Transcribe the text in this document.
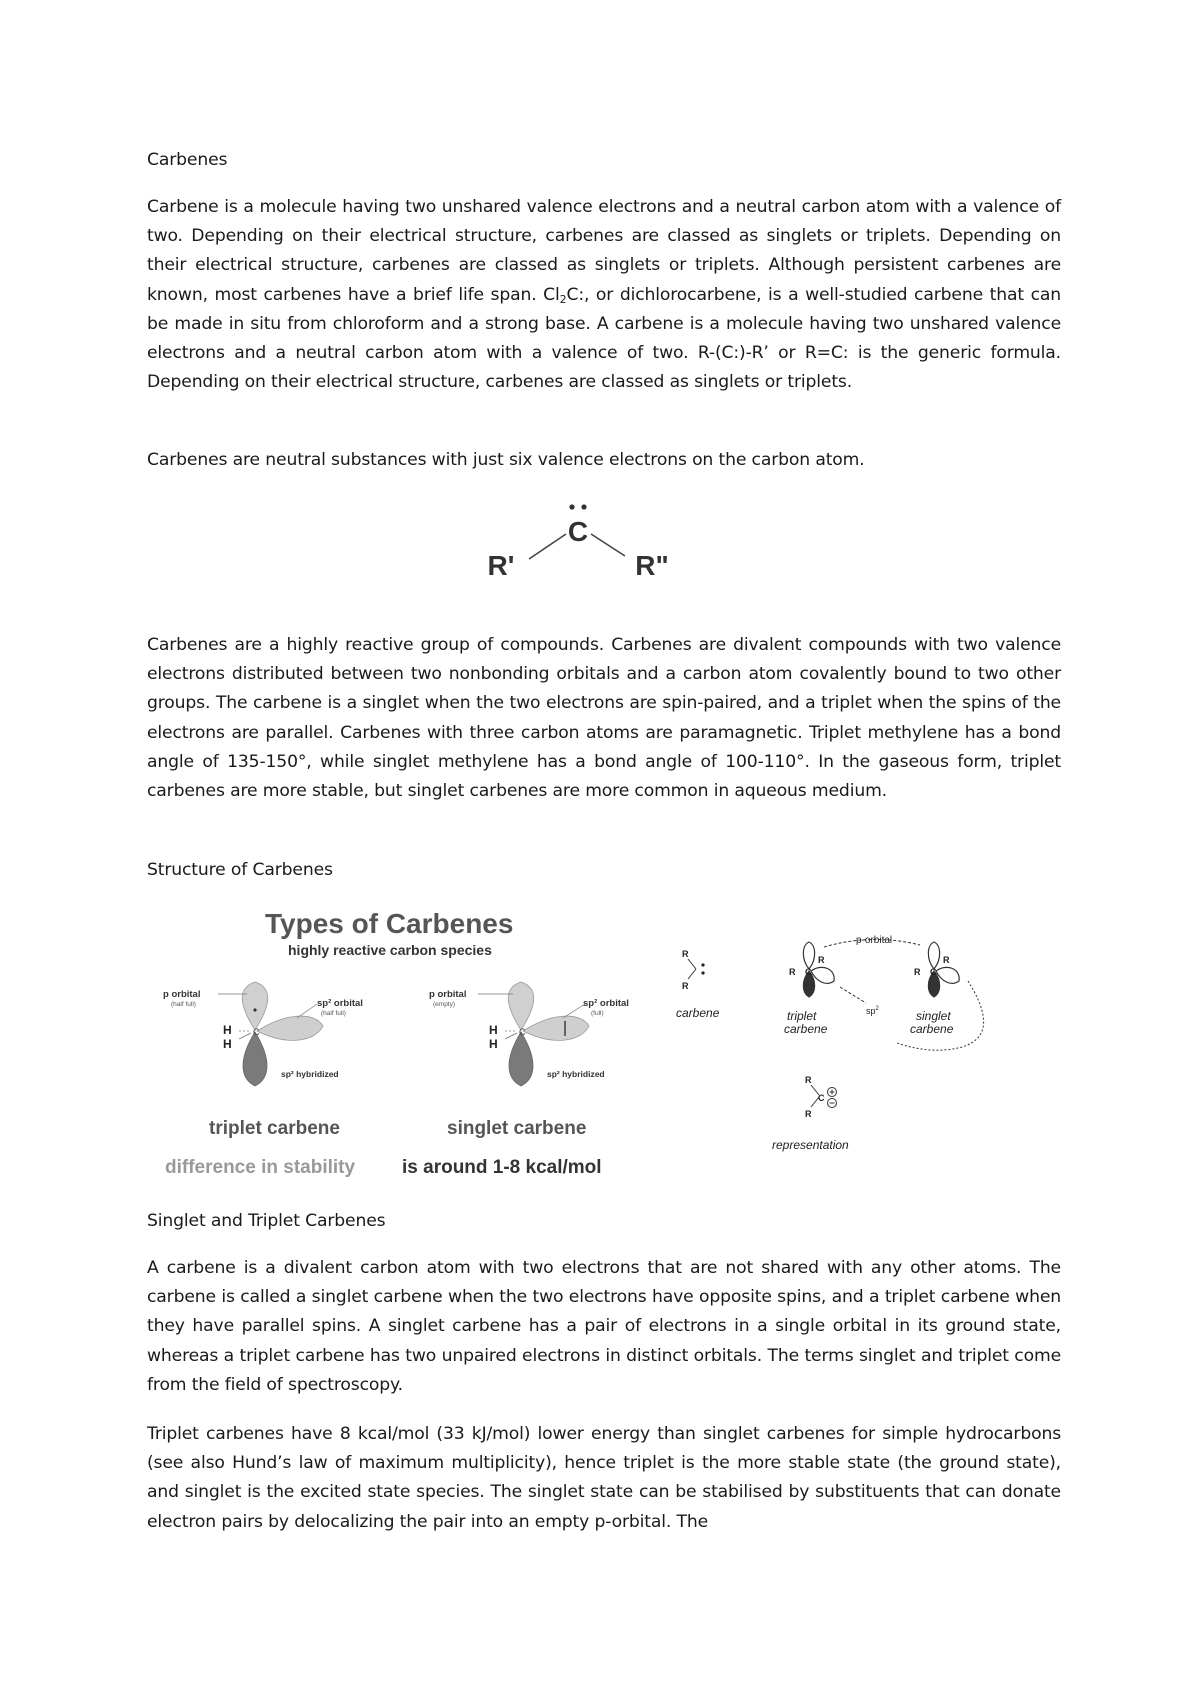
Carbenes

Carbene is a molecule having two unshared valence electrons and a neutral carbon atom with a valence of two. Depending on their electrical structure, carbenes are classed as singlets or triplets. Depending on their electrical structure, carbenes are classed as singlets or triplets. Although persistent carbenes are known, most carbenes have a brief life span. $Cl_2C$:, or dichlorocarbene, is a well-studied carbene that can be made in situ from chloroform and a strong base. A carbene is a molecule having two unshared valence electrons and a neutral carbon atom with a valence of two. R-(C:)-R’ or R=C: is the generic formula. Depending on their electrical structure, carbenes are classed as singlets or triplets.

Carbenes are neutral substances with just six valence electrons on the carbon atom.

C
R'	R"

Carbenes are a highly reactive group of compounds. Carbenes are divalent compounds with two valence electrons distributed between two nonbonding orbitals and a carbon atom covalently bound to two other groups. The carbene is a singlet when the two electrons are spin-paired, and a triplet when the spins of the electrons are parallel. Carbenes with three carbon atoms are paramagnetic. Triplet methylene has a bond angle of 135-150°, while singlet methylene has a bond angle of 100-110°. In the gaseous form, triplet carbenes are more stable, but singlet carbenes are more common in aqueous medium.

Structure of Carbenes

Types of Carbenes
highly reactive carbon species
H
H
C
p orbital
(half full)	sp² orbital
(half full)
sp² hybridized
H
H
C
p orbital
(empty)	sp² orbital
(full)
sp² hybridized
triplet carbene	singlet carbene
difference in stability is around 1-8 kcal/mol
R
R
carbene
R
R
C
triplet
carbene
R
R
C
singlet
carbene
p-orbital
$sp^2$
R
R
C
representation

Singlet and Triplet Carbenes

A carbene is a divalent carbon atom with two electrons that are not shared with any other atoms. The carbene is called a singlet carbene when the two electrons have opposite spins, and a triplet carbene when they have parallel spins. A singlet carbene has a pair of electrons in a single orbital in its ground state, whereas a triplet carbene has two unpaired electrons in distinct orbitals. The terms singlet and triplet come from the field of spectroscopy.

Triplet carbenes have 8 kcal/mol (33 kJ/mol) lower energy than singlet carbenes for simple hydrocarbons (see also Hund’s law of maximum multiplicity), hence triplet is the more stable state (the ground state), and singlet is the excited state species. The singlet state can be stabilised by substituents that can donate electron pairs by delocalizing the pair into an empty p-orbital. The
